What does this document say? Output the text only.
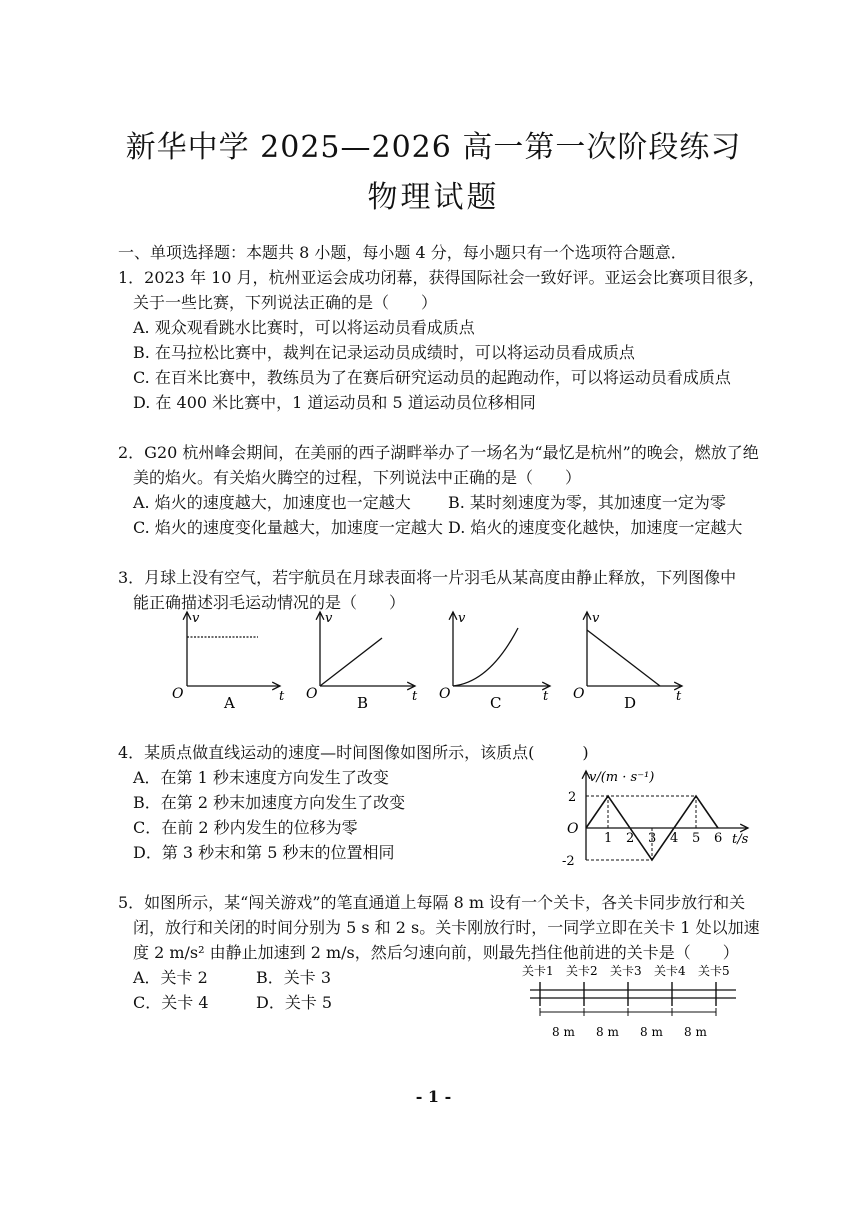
新华中学 2025—2026 高一第一次阶段练习
物理试题
一、单项选择题：本题共 8 小题，每小题 4 分，每小题只有一个选项符合题意．
1．2023 年 10 月，杭州亚运会成功闭幕，获得国际社会一致好评。亚运会比赛项目很多，
关于一些比赛，下列说法正确的是（　　）
A. 观众观看跳水比赛时，可以将运动员看成质点
B. 在马拉松比赛中，裁判在记录运动员成绩时，可以将运动员看成质点
C. 在百米比赛中，教练员为了在赛后研究运动员的起跑动作，可以将运动员看成质点
D. 在 400 米比赛中，1 道运动员和 5 道运动员位移相同
2．G20 杭州峰会期间，在美丽的西子湖畔举办了一场名为“最忆是杭州”的晚会，燃放了绝
美的焰火。有关焰火腾空的过程，下列说法中正确的是（　　）
A. 焰火的速度越大，加速度也一定越大 B. 某时刻速度为零，其加速度一定为零
C. 焰火的速度变化量越大，加速度一定越大 D. 焰火的速度变化越快，加速度一定越大
3．月球上没有空气，若宇航员在月球表面将一片羽毛从某高度由静止释放，下列图像中
能正确描述羽毛运动情况的是（　　）
v
t
O	A
v
t
O	B
v
t
O	C
v
t
O	D
4．某质点做直线运动的速度—时间图像如图所示，该质点(　　　)
A．在第 1 秒末速度方向发生了改变
B．在第 2 秒末加速度方向发生了改变
C．在前 2 秒内发生的位移为零
D．第 3 秒末和第 5 秒末的位置相同
v/(m · s⁻¹)
t/s
O
1 2 3 4 5 6
2
-2
5．如图所示，某“闯关游戏”的笔直通道上每隔 8 m 设有一个关卡，各关卡同步放行和关
闭，放行和关闭的时间分别为 5 s 和 2 s。关卡刚放行时，一同学立即在关卡 1 处以加速
度 2 m/s² 由静止加速到 2 m/s，然后匀速向前，则最先挡住他前进的关卡是（　　）
A．关卡 2	B．关卡 3
C．关卡 4	D．关卡 5
关卡1 关卡2 关卡3 关卡4 关卡5
8 m 8 m 8 m 8 m
- 1 -
